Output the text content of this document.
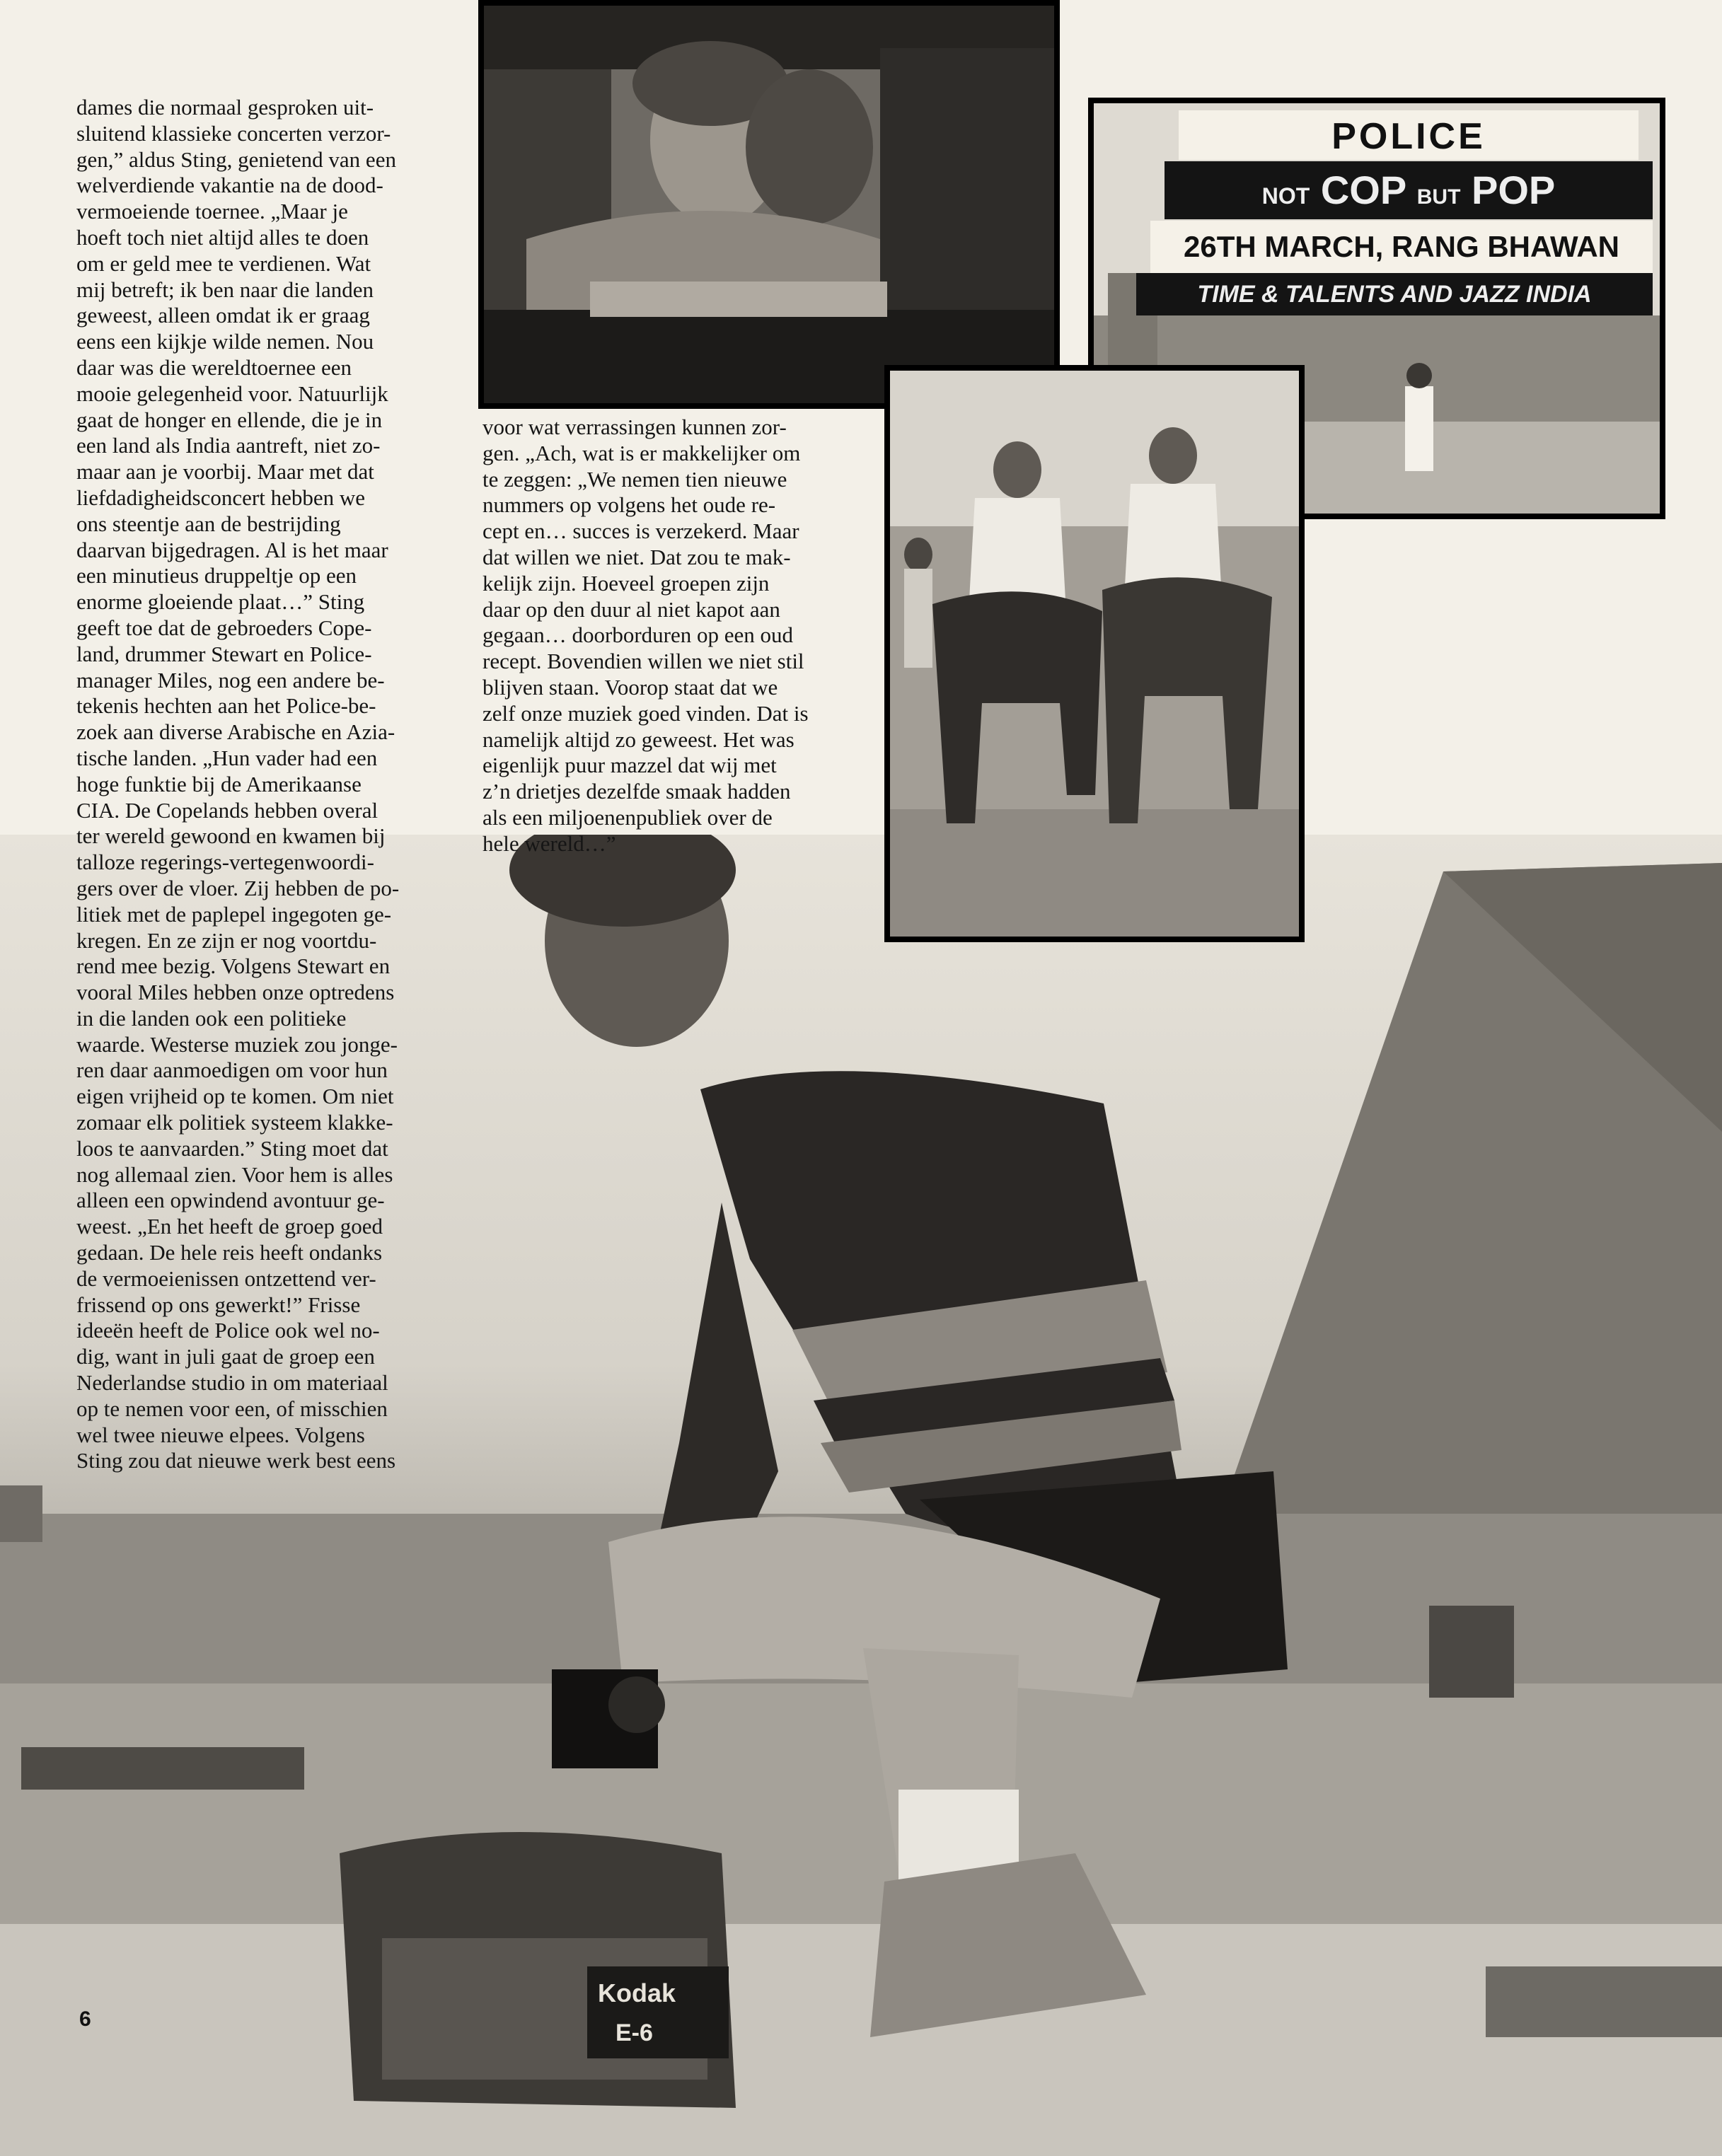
Kodak
E-6
dames die normaal gesproken uit-
sluitend klassieke concerten verzor-
gen,” aldus Sting, genietend van een
welverdiende vakantie na de dood-
vermoeiende toernee. „Maar je
hoeft toch niet altijd alles te doen
om er geld mee te verdienen. Wat
mij betreft; ik ben naar die landen
geweest, alleen omdat ik er graag
eens een kijkje wilde nemen. Nou
daar was die wereldtoernee een
mooie gelegenheid voor. Natuurlijk
gaat de honger en ellende, die je in
een land als India aantreft, niet zo-
maar aan je voorbij. Maar met dat
liefdadigheidsconcert hebben we
ons steentje aan de bestrijding
daarvan bijgedragen. Al is het maar
een minutieus druppeltje op een
enorme gloeiende plaat…” Sting
geeft toe dat de gebroeders Cope-
land, drummer Stewart en Police-
manager Miles, nog een andere be-
tekenis hechten aan het Police-be-
zoek aan diverse Arabische en Azia-
tische landen. „Hun vader had een
hoge funktie bij de Amerikaanse
CIA. De Copelands hebben overal
ter wereld gewoond en kwamen bij
talloze regerings-vertegenwoordi-
gers over de vloer. Zij hebben de po-
litiek met de paplepel ingegoten ge-
kregen. En ze zijn er nog voortdu-
rend mee bezig. Volgens Stewart en
vooral Miles hebben onze optredens
in die landen ook een politieke
waarde. Westerse muziek zou jonge-
ren daar aanmoedigen om voor hun
eigen vrijheid op te komen. Om niet
zomaar elk politiek systeem klakke-
loos te aanvaarden.” Sting moet dat
nog allemaal zien. Voor hem is alles
alleen een opwindend avontuur ge-
weest. „En het heeft de groep goed
gedaan. De hele reis heeft ondanks
de vermoeienissen ontzettend ver-
frissend op ons gewerkt!” Frisse
ideeën heeft de Police ook wel no-
dig, want in juli gaat de groep een
Nederlandse studio in om materiaal
op te nemen voor een, of misschien
wel twee nieuwe elpees. Volgens
Sting zou dat nieuwe werk best eens
POLICE
NOT COP BUT POP
26TH MARCH, RANG BHAWAN
TIME & TALENTS AND JAZZ INDIA
voor wat verrassingen kunnen zor-
gen. „Ach, wat is er makkelijker om
te zeggen: „We nemen tien nieuwe
nummers op volgens het oude re-
cept en… succes is verzekerd. Maar
dat willen we niet. Dat zou te mak-
kelijk zijn. Hoeveel groepen zijn
daar op den duur al niet kapot aan
gegaan… doorborduren op een oud
recept. Bovendien willen we niet stil
blijven staan. Voorop staat dat we
zelf onze muziek goed vinden. Dat is
namelijk altijd zo geweest. Het was
eigenlijk puur mazzel dat wij met
z’n drietjes dezelfde smaak hadden
als een miljoenenpubliek over de
hele wereld…”
6
